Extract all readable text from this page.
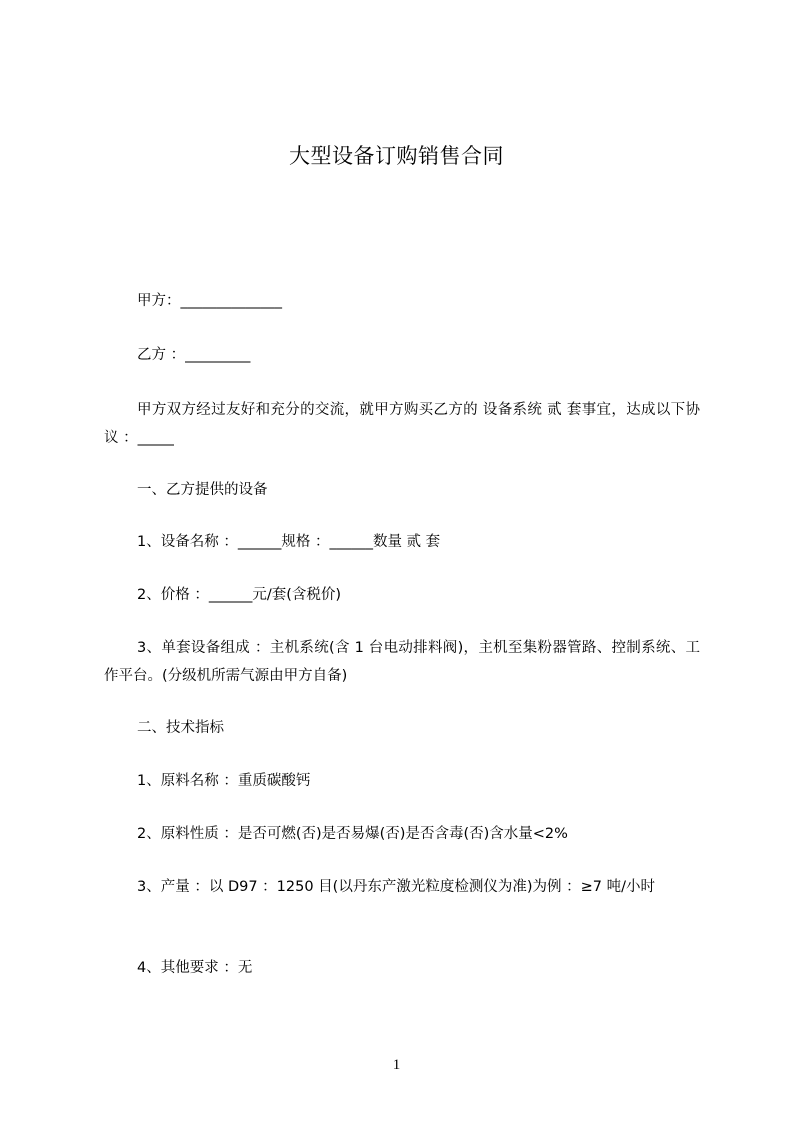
大型设备订购销售合同
甲方：______________
乙方 ：_________
甲方双方经过友好和充分的交流，就甲方购买乙方的 设备系统 贰 套事宜，达成以下协议 ：_____
一、乙方提供的设备
1、设备名称 ：______规格 ：______数量 贰 套
2、价格 ：______元/套(含税价)
3、单套设备组成 ：主机系统(含 1 台电动排料阀)，主机至集粉器管路、控制系统、工作平台。(分级机所需气源由甲方自备)
二、技术指标
1、原料名称 ：重质碳酸钙
2、原料性质 ：是否可燃(否)是否易爆(否)是否含毒(否)含水量<2%
3、产量 ：以 D97 ：1250 目(以丹东产激光粒度检测仪为准)为例 ：≥7 吨/小时
4、其他要求 ：无
1
